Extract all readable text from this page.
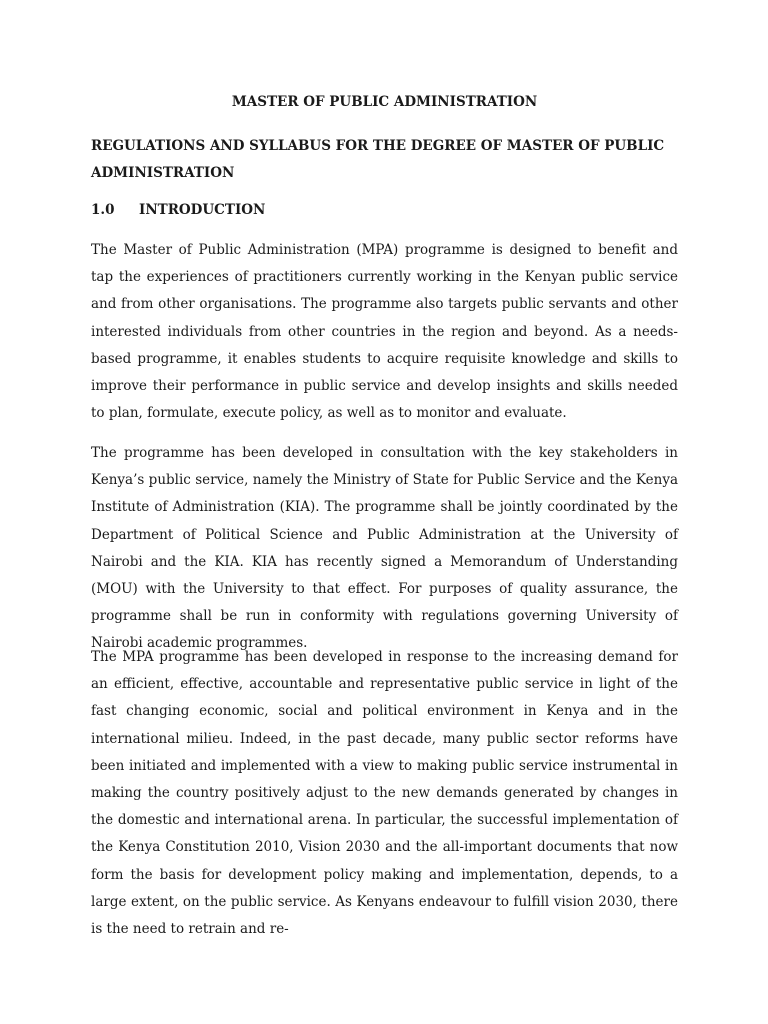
MASTER OF PUBLIC ADMINISTRATION
REGULATIONS AND SYLLABUS FOR THE DEGREE OF MASTER OF PUBLIC ADMINISTRATION
1.0 INTRODUCTION

The Master of Public Administration (MPA) programme is designed to benefit and tap the experiences of practitioners currently working in the Kenyan public service and from other organisations. The programme also targets public servants and other interested individuals from other countries in the region and beyond. As a needs-based programme, it enables students to acquire requisite knowledge and skills to improve their performance in public service and develop insights and skills needed to plan, formulate, execute policy, as well as to monitor and evaluate.

The programme has been developed in consultation with the key stakeholders in Kenya’s public service, namely the Ministry of State for Public Service and the Kenya Institute of Administration (KIA). The programme shall be jointly coordinated by the Department of Political Science and Public Administration at the University of Nairobi and the KIA. KIA has recently signed a Memorandum of Understanding (MOU) with the University to that effect. For purposes of quality assurance, the programme shall be run in conformity with regulations governing University of Nairobi academic programmes.

The MPA programme has been developed in response to the increasing demand for an efficient, effective, accountable and representative public service in light of the fast changing economic, social and political environment in Kenya and in the international milieu. Indeed, in the past decade, many public sector reforms have been initiated and implemented with a view to making public service instrumental in making the country positively adjust to the new demands generated by changes in the domestic and international arena. In particular, the successful implementation of the Kenya Constitution 2010, Vision 2030 and the all-important documents that now form the basis for development policy making and implementation, depends, to a large extent, on the public service. As Kenyans endeavour to fulfill vision 2030, there is the need to retrain and re-
